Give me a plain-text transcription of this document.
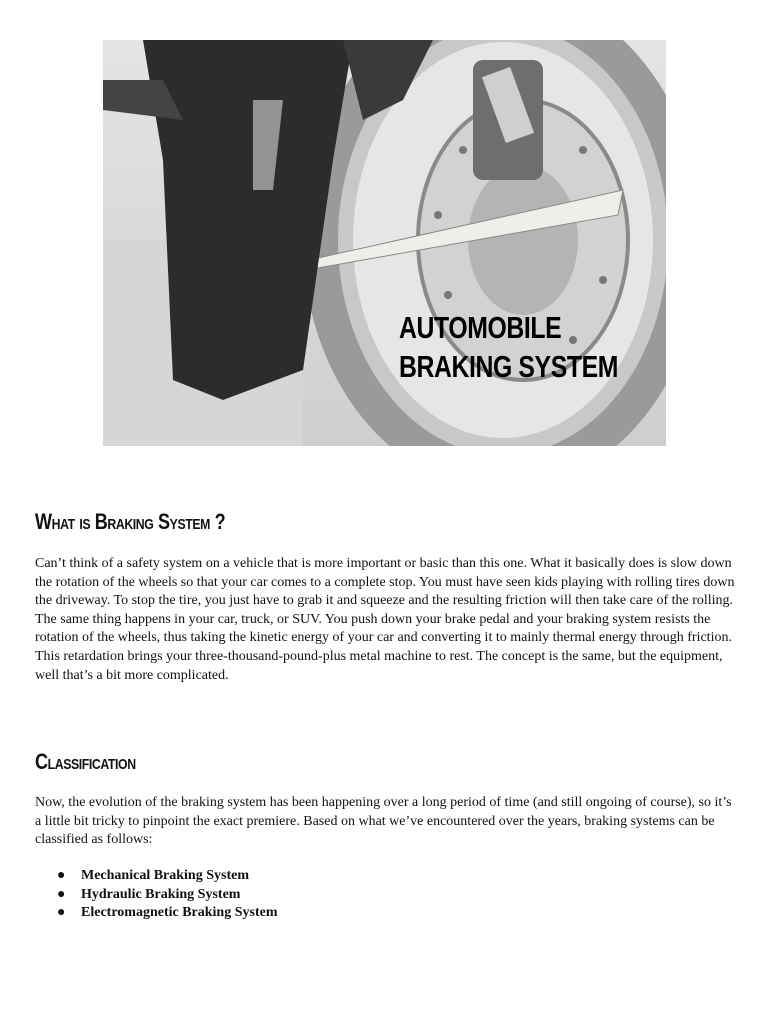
AUTOMOBILE
BRAKING SYSTEM
What is Braking System ?

Can’t think of a safety system on a vehicle that is more important or basic than this one. What it basically does is slow down the rotation of the wheels so that your car comes to a complete stop. You must have seen kids playing with rolling tires down the driveway. To stop the tire, you just have to grab it and squeeze and the resulting friction will then take care of the rolling. The same thing happens in your car, truck, or SUV. You push down your brake pedal and your braking system resists the rotation of the wheels, thus taking the kinetic energy of your car and converting it to mainly thermal energy through friction. This retardation brings your three-thousand-pound-plus metal machine to rest. The concept is the same, but the equipment, well that’s a bit more complicated.

Classification

Now, the evolution of the braking system has been happening over a long period of time (and still ongoing of course), so it’s a little bit tricky to pinpoint the exact premiere. Based on what we’ve encountered over the years, braking systems can be classified as follows:

● Mechanical Braking System
● Hydraulic Braking System
● Electromagnetic Braking System
